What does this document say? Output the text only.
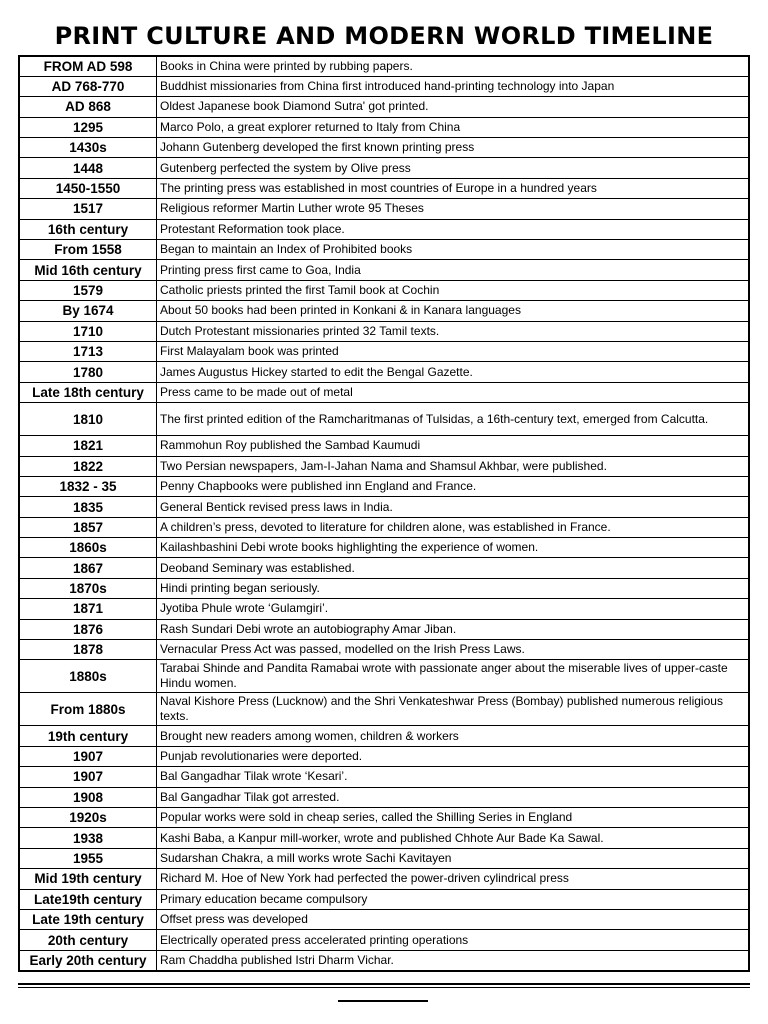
PRINT CULTURE AND MODERN WORLD TIMELINE
FROM AD 598	Books in China were printed by rubbing papers.
AD 768-770	Buddhist missionaries from China first introduced hand-printing technology into Japan
AD 868	Oldest Japanese book Diamond Sutra' got printed.
1295	Marco Polo, a great explorer returned to Italy from China
1430s	Johann Gutenberg developed the first known printing press
1448	Gutenberg perfected the system by Olive press
1450-1550	The printing press was established in most countries of Europe in a hundred years
1517	Religious reformer Martin Luther wrote 95 Theses
16th century	Protestant Reformation took place.
From 1558	Began to maintain an Index of Prohibited books
Mid 16th century	Printing press first came to Goa, India
1579	Catholic priests printed the first Tamil book at Cochin
By 1674	About 50 books had been printed in Konkani & in Kanara languages
1710	Dutch Protestant missionaries printed 32 Tamil texts.
1713	First Malayalam book was printed
1780	James Augustus Hickey started to edit the Bengal Gazette.
Late 18th century	Press came to be made out of metal
1810	The first printed edition of the Ramcharitmanas of Tulsidas, a 16th-century text, emerged from Calcutta.
1821	Rammohun Roy published the Sambad Kaumudi
1822	Two Persian newspapers, Jam-I-Jahan Nama and Shamsul Akhbar, were published.
1832 - 35	Penny Chapbooks were published inn England and France.
1835	General Bentick revised press laws in India.
1857	A children’s press, devoted to literature for children alone, was established in France.
1860s	Kailashbashini Debi wrote books highlighting the experience of women.
1867	Deoband Seminary was established.
1870s	Hindi printing began seriously.
1871	Jyotiba Phule wrote ‘Gulamgiri’.
1876	Rash Sundari Debi wrote an autobiography Amar Jiban.
1878	Vernacular Press Act was passed, modelled on the Irish Press Laws.
1880s	Tarabai Shinde and Pandita Ramabai wrote with passionate anger about the miserable lives of upper-caste Hindu women.
From 1880s	Naval Kishore Press (Lucknow) and the Shri Venkateshwar Press (Bombay) published numerous religious texts.
19th century	Brought new readers among women, children & workers
1907	Punjab revolutionaries were deported.
1907	Bal Gangadhar Tilak wrote ‘Kesari’.
1908	Bal Gangadhar Tilak got arrested.
1920s	Popular works were sold in cheap series, called the Shilling Series in England
1938	Kashi Baba, a Kanpur mill-worker, wrote and published Chhote Aur Bade Ka Sawal.
1955	Sudarshan Chakra, a mill works wrote Sachi Kavitayen
Mid 19th century	Richard M. Hoe of New York had perfected the power-driven cylindrical press
Late19th century	Primary education became compulsory
Late 19th century	Offset press was developed
20th century	Electrically operated press accelerated printing operations
Early 20th century	Ram Chaddha published Istri Dharm Vichar.
